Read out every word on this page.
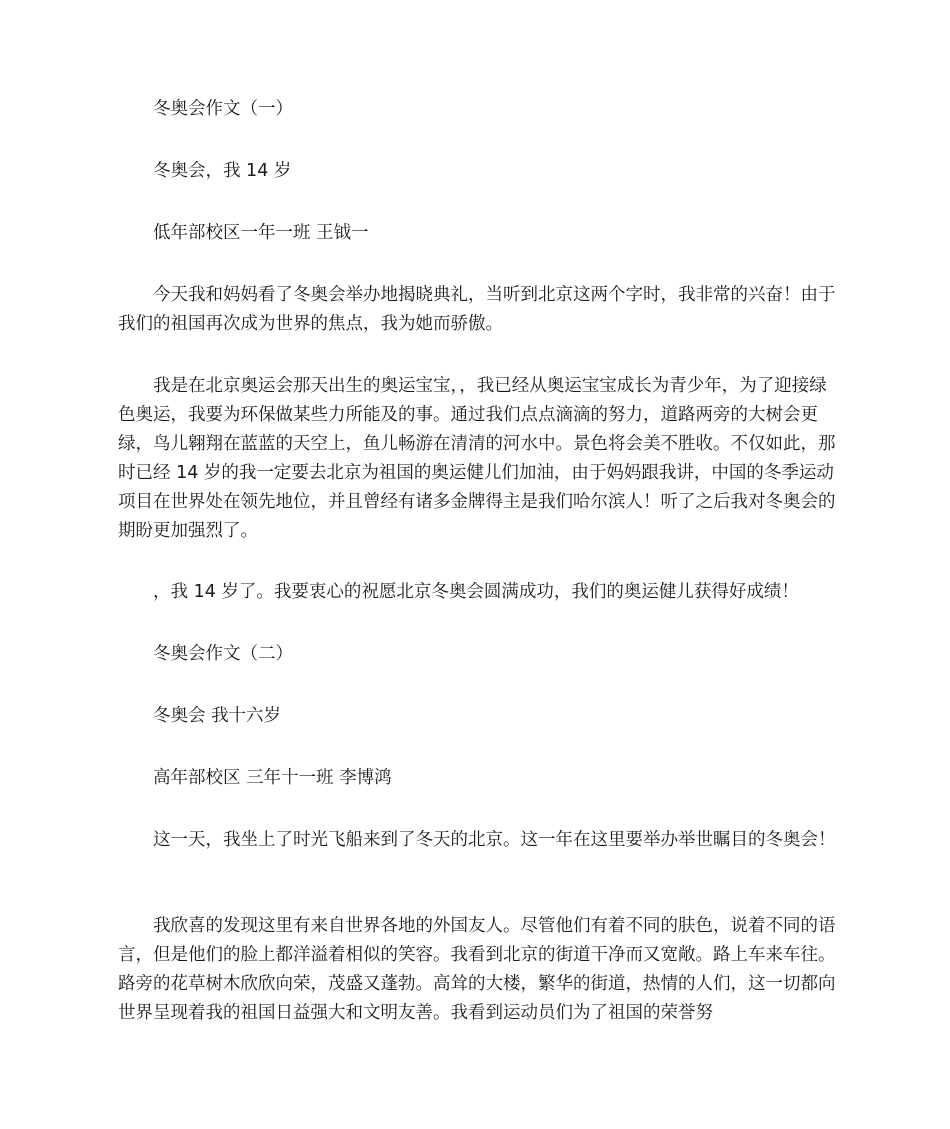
冬奥会作文（一）

冬奥会，我 14 岁

低年部校区一年一班 王钺一

今天我和妈妈看了冬奥会举办地揭晓典礼，当听到北京这两个字时，我非常的兴奋！由于我们的祖国再次成为世界的焦点，我为她而骄傲。

我是在北京奥运会那天出生的奥运宝宝，，我已经从奥运宝宝成长为青少年，为了迎接绿色奥运，我要为环保做某些力所能及的事。通过我们点点滴滴的努力，道路两旁的大树会更绿，鸟儿翱翔在蓝蓝的天空上，鱼儿畅游在清清的河水中。景色将会美不胜收。不仅如此，那时已经 14 岁的我一定要去北京为祖国的奥运健儿们加油，由于妈妈跟我讲，中国的冬季运动项目在世界处在领先地位，并且曾经有诸多金牌得主是我们哈尔滨人！听了之后我对冬奥会的期盼更加强烈了。

，我 14 岁了。我要衷心的祝愿北京冬奥会圆满成功，我们的奥运健儿获得好成绩！

冬奥会作文（二）

冬奥会 我十六岁

高年部校区 三年十一班 李博鸿

这一天，我坐上了时光飞船来到了冬天的北京。这一年在这里要举办举世瞩目的冬奥会！

我欣喜的发现这里有来自世界各地的外国友人。尽管他们有着不同的肤色，说着不同的语言，但是他们的脸上都洋溢着相似的笑容。我看到北京的街道干净而又宽敞。路上车来车往。路旁的花草树木欣欣向荣，茂盛又蓬勃。高耸的大楼，繁华的街道，热情的人们，这一切都向世界呈现着我的祖国日益强大和文明友善。我看到运动员们为了祖国的荣誉努
